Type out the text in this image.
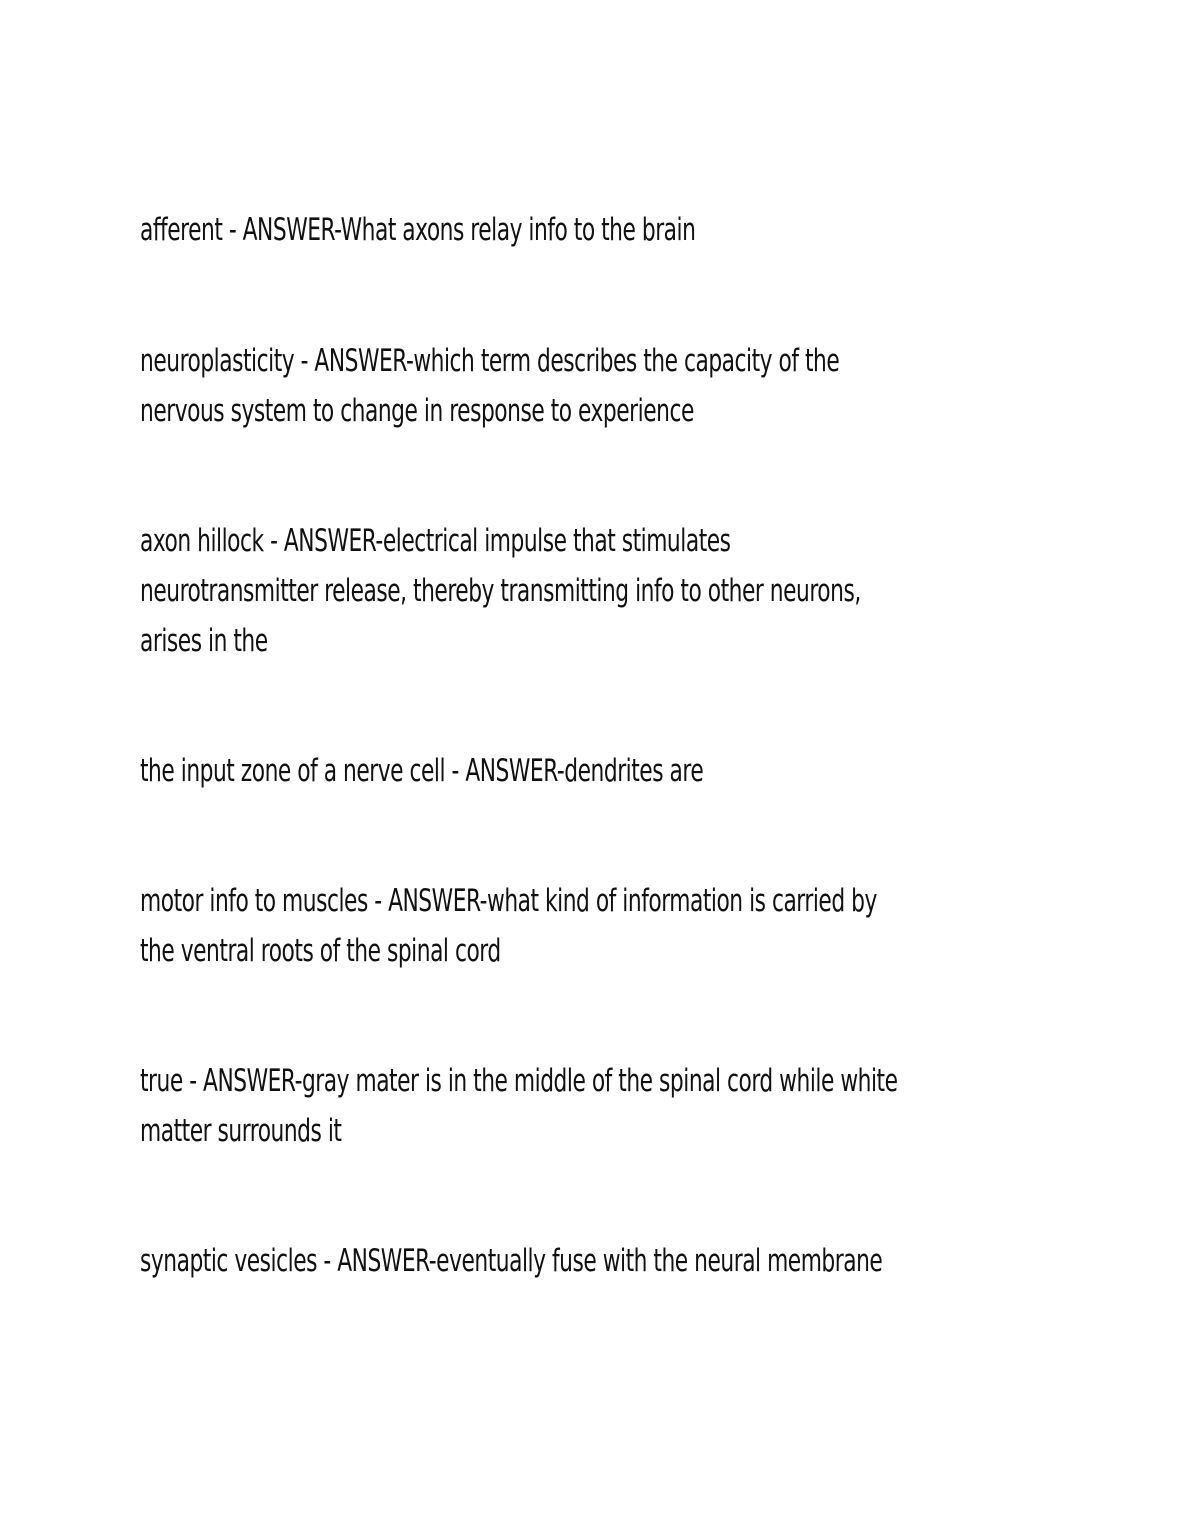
afferent - ANSWER-What axons relay info to the brain

neuroplasticity - ANSWER-which term describes the capacity of the
nervous system to change in response to experience

axon hillock - ANSWER-electrical impulse that stimulates
neurotransmitter release, thereby transmitting info to other neurons,
arises in the

the input zone of a nerve cell - ANSWER-dendrites are

motor info to muscles - ANSWER-what kind of information is carried by
the ventral roots of the spinal cord

true - ANSWER-gray mater is in the middle of the spinal cord while white
matter surrounds it

synaptic vesicles - ANSWER-eventually fuse with the neural membrane
